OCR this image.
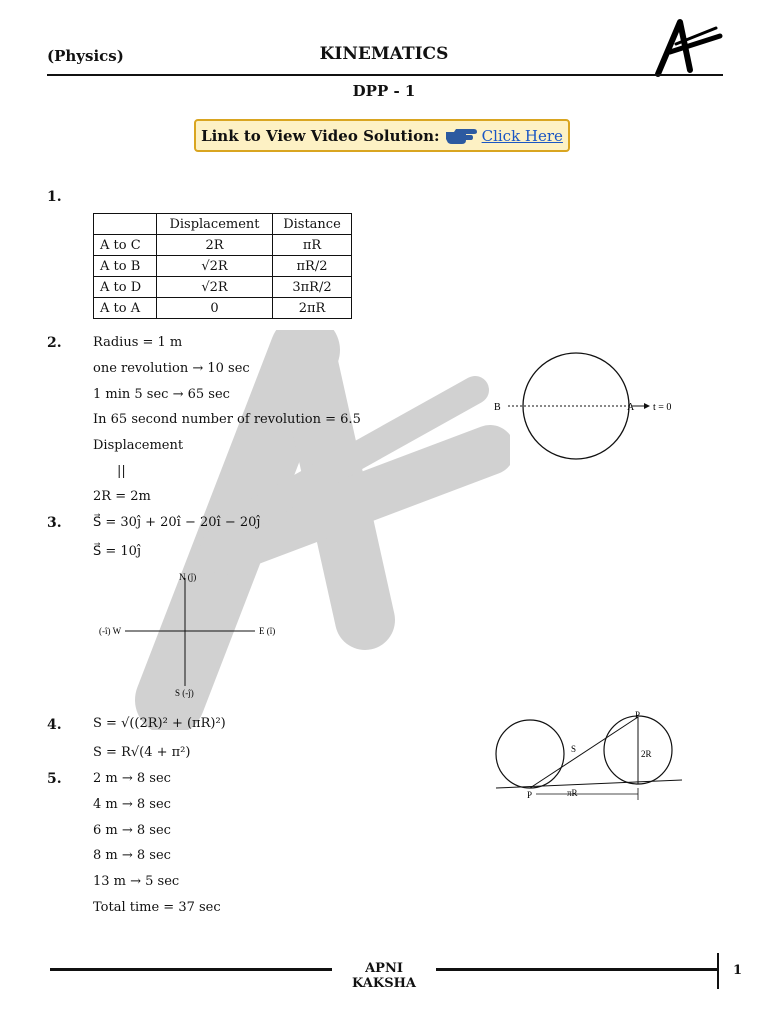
(Physics)	KINEMATICS
DPP - 1
Link to View Video Solution:	Click Here
1.
	Displacement	Distance
A to C	2R	πR
A to B	√2R	πR/2
A to D	√2R	3πR/2
A to A	0	2πR
2. Radius = 1 m
one revolution → 10 sec
1 min 5 sec → 65 sec
In 65 second number of revolution = 6.5
Displacement
||
2R = 2m
B	A t = 0
3. S⃗ = 30ĵ + 20î − 20î − 20ĵ
S⃗ = 10ĵ
N (ĵ)
E (î)
(-î) W
S (-ĵ)
4. S = √((2R)² + (πR)²)
S = R√(4 + π²)
P
P
S	2R
πR
5. 2 m → 8 sec
4 m → 8 sec
6 m → 8 sec
8 m → 8 sec
13 m → 5 sec
Total time = 37 sec
APNI KAKSHA
1
